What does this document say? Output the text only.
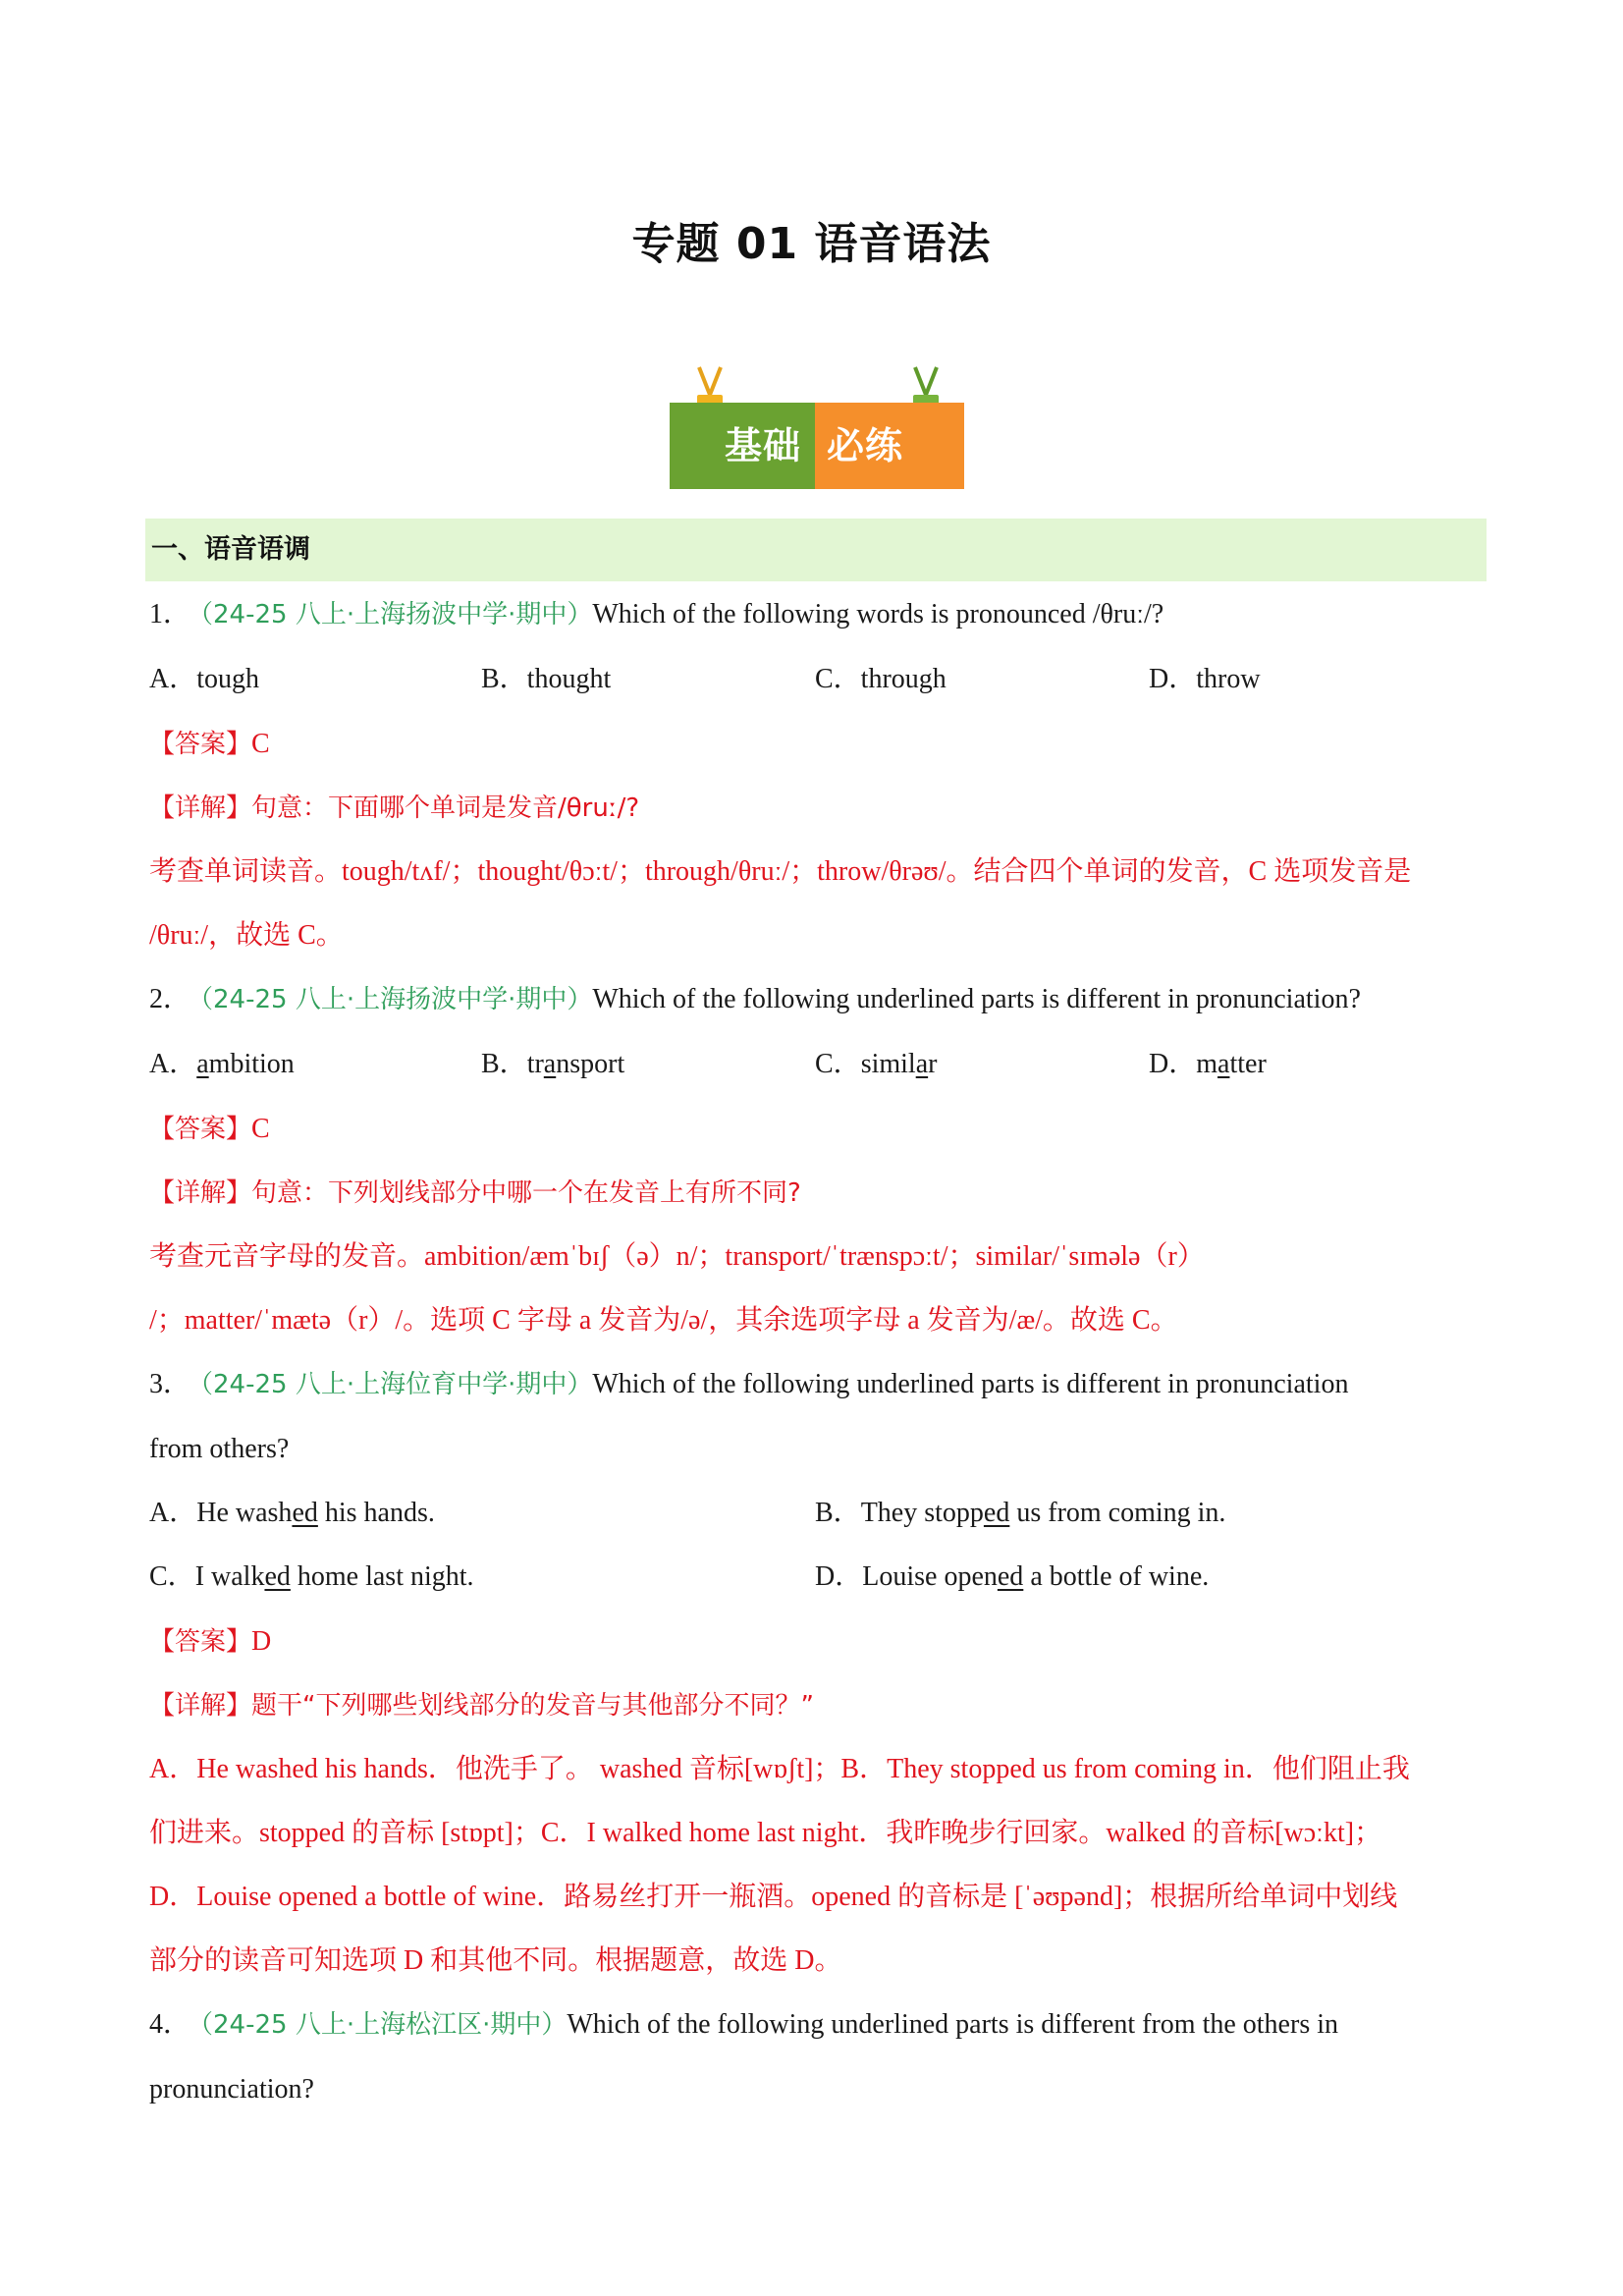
专题 01 语音语法
基础 必练
一、语音语调
1． （24-25 八上·上海扬波中学·期中）Which of the following words is pronounced /θruː/?
A．tough	B．thought	C．through	D．throw
【答案】C
【详解】句意：下面哪个单词是发音/θruː/?
考查单词读音。tough/tʌf/；thought/θɔːt/；through/θruː/；throw/θrəʊ/。结合四个单词的发音，C 选项发音是
/θruː/，故选 C。
2． （24-25 八上·上海扬波中学·期中）Which of the following underlined parts is different in pronunciation?
A．ambition	B．transport	C．similar	D．matter
【答案】C
【详解】句意：下列划线部分中哪一个在发音上有所不同?
考查元音字母的发音。ambition/æmˈbɪʃ（ə）n/；transport/ˈtrænspɔːt/；similar/ˈsɪmələ（r）
/；matter/ˈmætə（r）/。选项 C 字母 a 发音为/ə/，其余选项字母 a 发音为/æ/。故选 C。
3． （24-25 八上·上海位育中学·期中）Which of the following underlined parts is different in pronunciation
from others?
A．He washed his hands.	B．They stopped us from coming in.
C．I walked home last night.	D．Louise opened a bottle of wine.
【答案】D
【详解】题干“下列哪些划线部分的发音与其他部分不同？”
A．He washed his hands．他洗手了。 washed 音标[wɒʃt]；B．They stopped us from coming in．他们阻止我
们进来。stopped 的音标 [stɒpt]；C．I walked home last night．我昨晚步行回家。walked 的音标[wɔːkt]；
D．Louise opened a bottle of wine．路易丝打开一瓶酒。opened 的音标是 [ˈəʊpənd]；根据所给单词中划线
部分的读音可知选项 D 和其他不同。根据题意，故选 D。
4． （24-25 八上·上海松江区·期中）Which of the following underlined parts is different from the others in
pronunciation?
